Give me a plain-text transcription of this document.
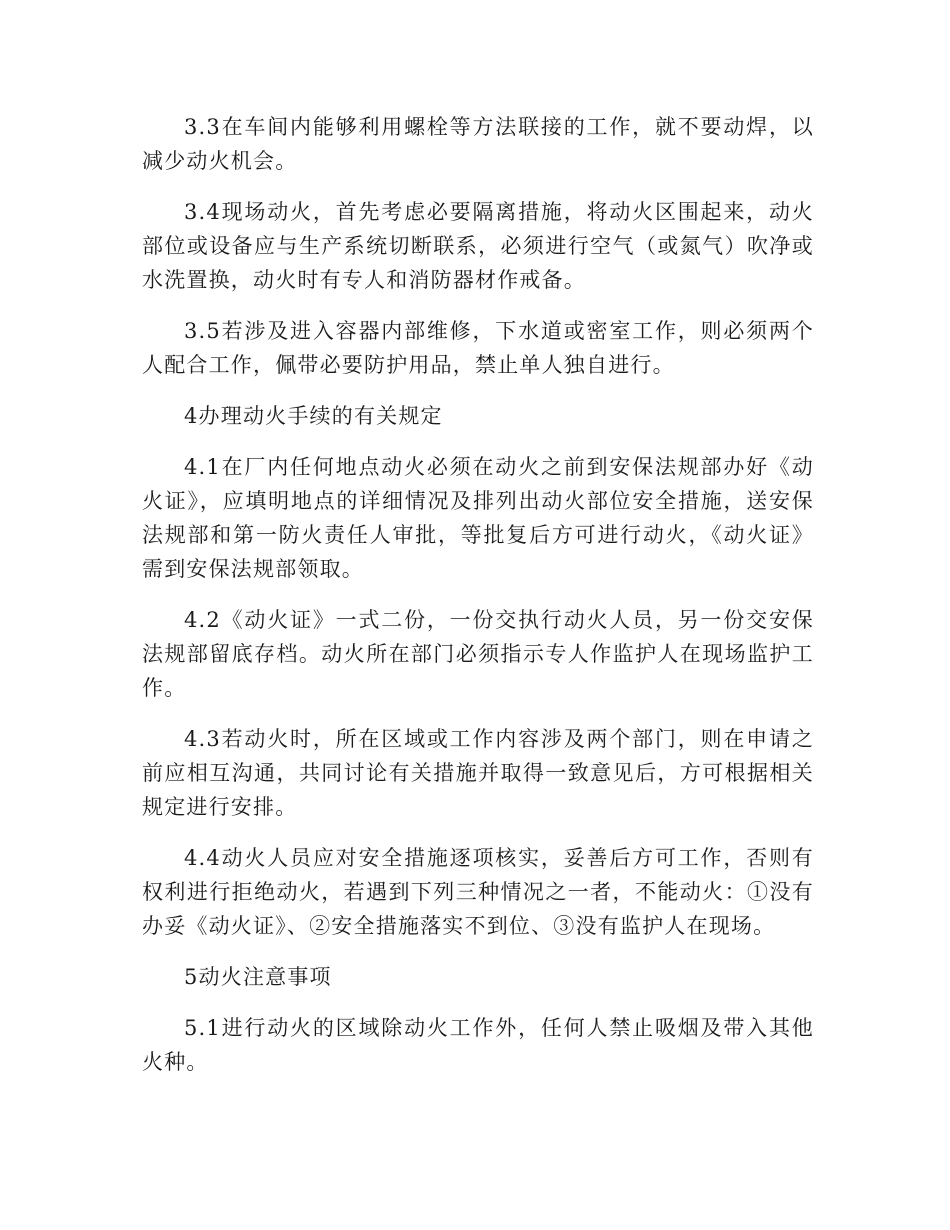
3.3在车间内能够利用螺栓等方法联接的工作，就不要动焊，以减少动火机会。

3.4现场动火，首先考虑必要隔离措施，将动火区围起来，动火部位或设备应与生产系统切断联系，必须进行空气（或氮气）吹净或水洗置换，动火时有专人和消防器材作戒备。

3.5若涉及进入容器内部维修，下水道或密室工作，则必须两个人配合工作，佩带必要防护用品，禁止单人独自进行。

4办理动火手续的有关规定

4.1在厂内任何地点动火必须在动火之前到安保法规部办好《动火证》，应填明地点的详细情况及排列出动火部位安全措施，送安保法规部和第一防火责任人审批，等批复后方可进行动火，《动火证》需到安保法规部领取。

4.2《动火证》一式二份，一份交执行动火人员，另一份交安保法规部留底存档。动火所在部门必须指示专人作监护人在现场监护工作。

4.3若动火时，所在区域或工作内容涉及两个部门，则在申请之前应相互沟通，共同讨论有关措施并取得一致意见后，方可根据相关规定进行安排。

4.4动火人员应对安全措施逐项核实，妥善后方可工作，否则有权利进行拒绝动火，若遇到下列三种情况之一者，不能动火：①没有办妥《动火证》、②安全措施落实不到位、③没有监护人在现场。

5动火注意事项

5.1进行动火的区域除动火工作外，任何人禁止吸烟及带入其他火种。
